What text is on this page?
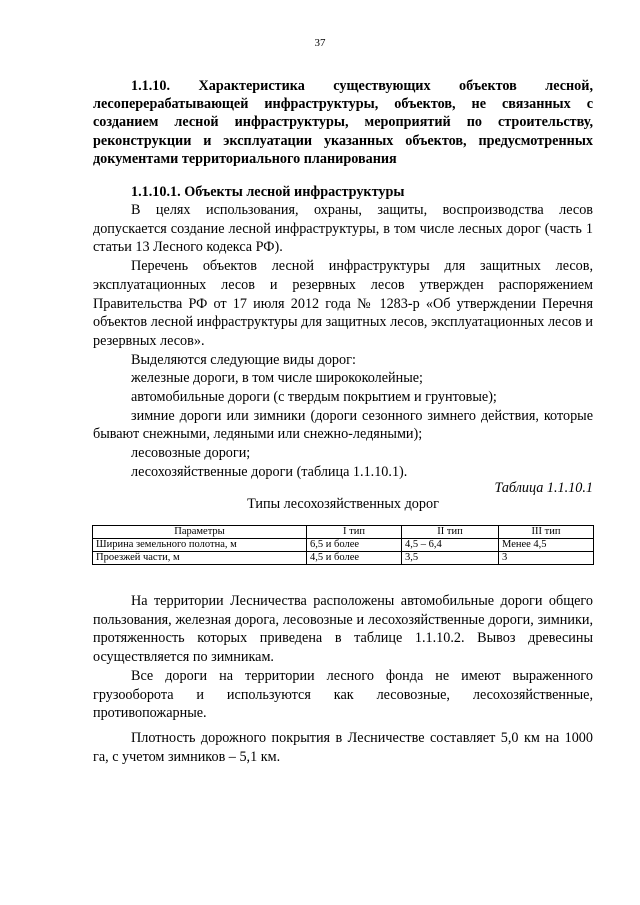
37
1.1.10. Характеристика существующих объектов лесной, лесоперерабатывающей инфраструктуры, объектов, не связанных с созданием лесной инфраструктуры, мероприятий по строительству, реконструкции и эксплуатации указанных объектов, предусмотренных документами территориального планирования
1.1.10.1. Объекты лесной инфраструктуры

В целях использования, охраны, защиты, воспроизводства лесов допускается создание лесной инфраструктуры, в том числе лесных дорог (часть 1 статьи 13 Лесного кодекса РФ).

Перечень объектов лесной инфраструктуры для защитных лесов, эксплуатационных лесов и резервных лесов утвержден распоряжением Правительства РФ от 17 июля 2012 года № 1283-р «Об утверждении Перечня объектов лесной инфраструктуры для защитных лесов, эксплуатационных лесов и резервных лесов».

Выделяются следующие виды дорог:

железные дороги, в том числе ширококолейные;

автомобильные дороги (с твердым покрытием и грунтовые);

зимние дороги или зимники (дороги сезонного зимнего действия, которые бывают снежными, ледяными или снежно-ледяными);

лесовозные дороги;

лесохозяйственные дороги (таблица 1.1.10.1).

Таблица 1.1.10.1
Типы лесохозяйственных дорог
Параметры	I тип	II тип	III тип
Ширина земельного полотна, м	6,5 и более	4,5 – 6,4	Менее 4,5
Проезжей части, м	4,5 и более	3,5	3

На территории Лесничества расположены автомобильные дороги общего пользования, железная дорога, лесовозные и лесохозяйственные дороги, зимники, протяженность которых приведена в таблице 1.1.10.2. Вывоз древесины осуществляется по зимникам.

Все дороги на территории лесного фонда не имеют выраженного грузооборота и используются как лесовозные, лесохозяйственные, противопожарные.

Плотность дорожного покрытия в Лесничестве составляет 5,0 км на 1000 га, с учетом зимников – 5,1 км.
